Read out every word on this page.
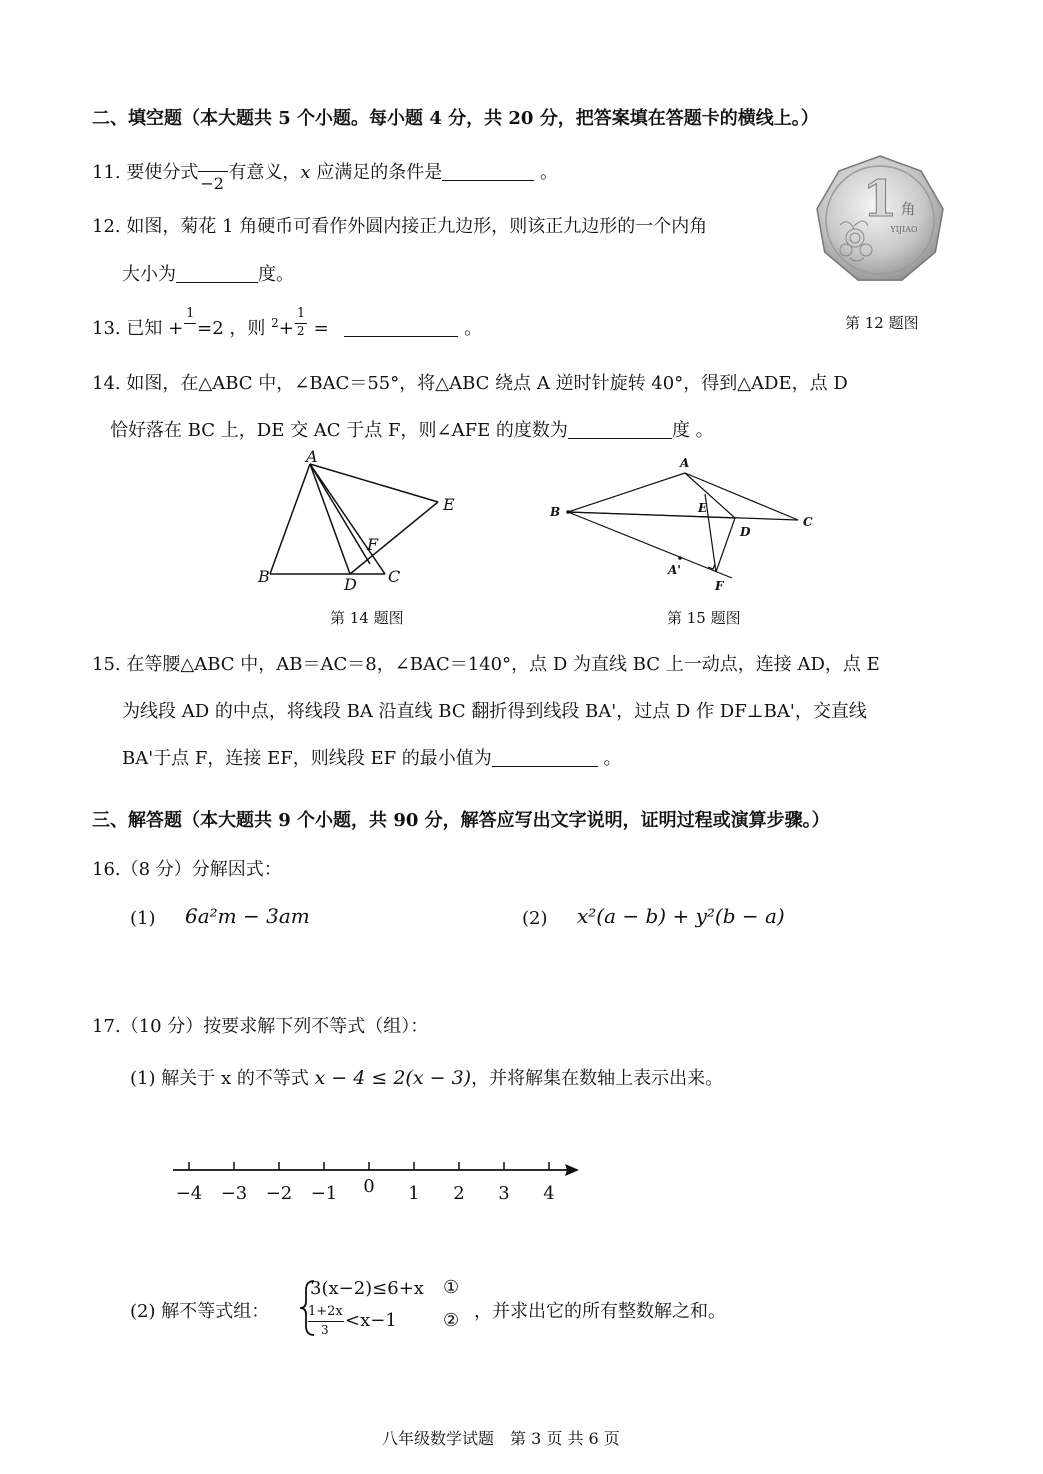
二、填空题（本大题共 5 个小题。每小题 4 分，共 20 分，把答案填在答题卡的横线上。）
11. 要使分式
−2
有意义，x 应满足的条件是	。
12. 如图，菊花 1 角硬币可看作外圆内接正九边形，则该正九边形的一个内角
大小为	度。
1 角
YIJIAO
第 12 题图
13. 已知 +
1
=2 ，则 $^2+ \frac{1}{2}$ =	。
14. 如图，在△ABC 中，∠BAC＝55°，将△ABC 绕点 A 逆时针旋转 40°，得到△ADE，点 D
恰好落在 BC 上，DE 交 AC 于点 F，则∠AFE 的度数为	度 。
A
B	D C
E
F
第 14 题图
A
B
C
E
D
A'
F
第 15 题图
15. 在等腰△ABC 中，AB＝AC＝8，∠BAC＝140°，点 D 为直线 BC 上一动点，连接 AD，点 E
为线段 AD 的中点，将线段 BA 沿直线 BC 翻折得到线段 BA'，过点 D 作 DF⊥BA'，交直线
BA'于点 F，连接 EF，则线段 EF 的最小值为	。
三、解答题（本大题共 9 个小题，共 90 分，解答应写出文字说明，证明过程或演算步骤。）
16.（8 分）分解因式：
(1) 6a²m − 3am	(2) x²(a − b) + y²(b − a)
17.（10 分）按要求解下列不等式（组）：
(1) 解关于 x 的不等式 x − 4 ≤ 2(x − 3)，并将解集在数轴上表示出来。
−4 −3 −2 −1 0 1 2 3 4
(2) 解不等式组：
3(x−2)≤6+x ①
1+2x
3 <x−1	② ，并求出它的所有整数解之和。
八年级数学试题　第 3 页 共 6 页
